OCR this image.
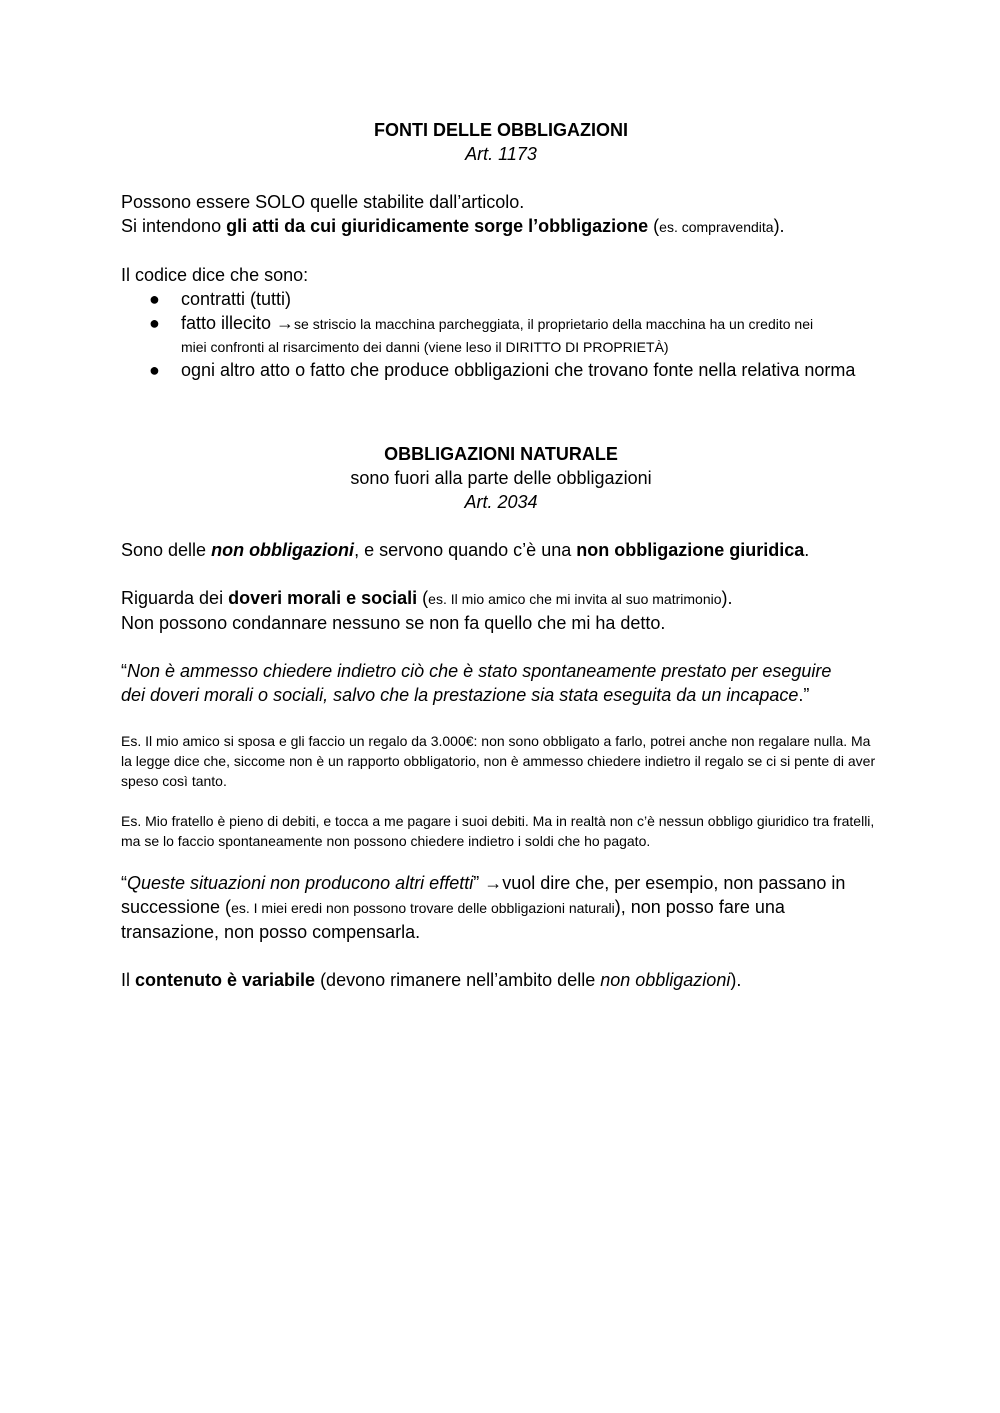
FONTI DELLE OBBLIGAZIONI

Art. 1173

Possono essere SOLO quelle stabilite dall’articolo.

Si intendono gli atti da cui giuridicamente sorge l’obbligazione (es. compravendita).

Il codice dice che sono:

● contratti (tutti)
● fatto illecito →se striscio la macchina parcheggiata, il proprietario della macchina ha un credito nei
miei confronti al risarcimento dei danni (viene leso il DIRITTO DI PROPRIETÀ)
● ogni altro atto o fatto che produce obbligazioni che trovano fonte nella relativa norma

OBBLIGAZIONI NATURALE

sono fuori alla parte delle obbligazioni

Art. 2034

Sono delle non obbligazioni, e servono quando c’è una non obbligazione giuridica.

Riguarda dei doveri morali e sociali (es. Il mio amico che mi invita al suo matrimonio).

Non possono condannare nessuno se non fa quello che mi ha detto.

“Non è ammesso chiedere indietro ciò che è stato spontaneamente prestato per eseguire
dei doveri morali o sociali, salvo che la prestazione sia stata eseguita da un incapace.”

Es. Il mio amico si sposa e gli faccio un regalo da 3.000€: non sono obbligato a farlo, potrei anche non regalare nulla. Ma la legge dice che, siccome non è un rapporto obbligatorio, non è ammesso chiedere indietro il regalo se ci si pente di aver speso così tanto.

Es. Mio fratello è pieno di debiti, e tocca a me pagare i suoi debiti. Ma in realtà non c’è nessun obbligo giuridico tra fratelli, ma se lo faccio spontaneamente non possono chiedere indietro i soldi che ho pagato.

“Queste situazioni non producono altri effetti” →vuol dire che, per esempio, non passano in successione (es. I miei eredi non possono trovare delle obbligazioni naturali), non posso fare una transazione, non posso compensarla.

Il contenuto è variabile (devono rimanere nell’ambito delle non obbligazioni).
